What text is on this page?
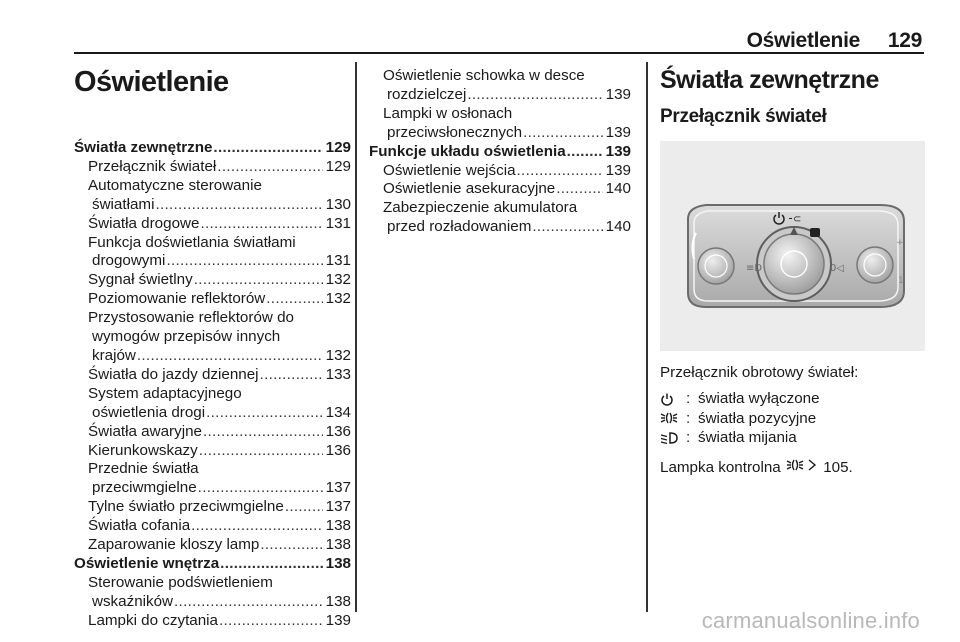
Oświetlenie 129
Oświetlenie
Światła zewnętrzne .....	129
Przełącznik świateł .....	129
Automatyczne sterowanie
światłami .....	130
Światła drogowe .....	131
Funkcja doświetlania światłami
drogowymi .....	131
Sygnał świetlny .....	132
Poziomowanie reflektorów .....	132
Przystosowanie reflektorów do
wymogów przepisów innych
krajów .....	132
Światła do jazdy dziennej .....	133
System adaptacyjnego
oświetlenia drogi .....	134
Światła awaryjne .....	136
Kierunkowskazy .....	136
Przednie światła
przeciwmgielne .....	137
Tylne światło przeciwmgielne .....	137
Światła cofania .....	138
Zaparowanie kloszy lamp .....	138
Oświetlenie wnętrza .....	138
Sterowanie podświetleniem
wskaźników .....	138
Lampki do czytania .....	139
Oświetlenie schowka w desce
rozdzielczej .....	139
Lampki w osłonach
przeciwsłonecznych .....	139
Funkcje układu oświetlenia .....	139
Oświetlenie wejścia .....	139
Oświetlenie asekuracyjne .....	140
Zabezpieczenie akumulatora
przed rozładowaniem .....	140
Światła zewnętrzne
Przełącznik świateł
⁃⊂
≡D	0◁
+
1
Przełącznik obrotowy świateł:
: światła wyłączone
: światła pozycyjne
: światła mijania
Lampka kontrolna

	105.
carmanualsonline.info
